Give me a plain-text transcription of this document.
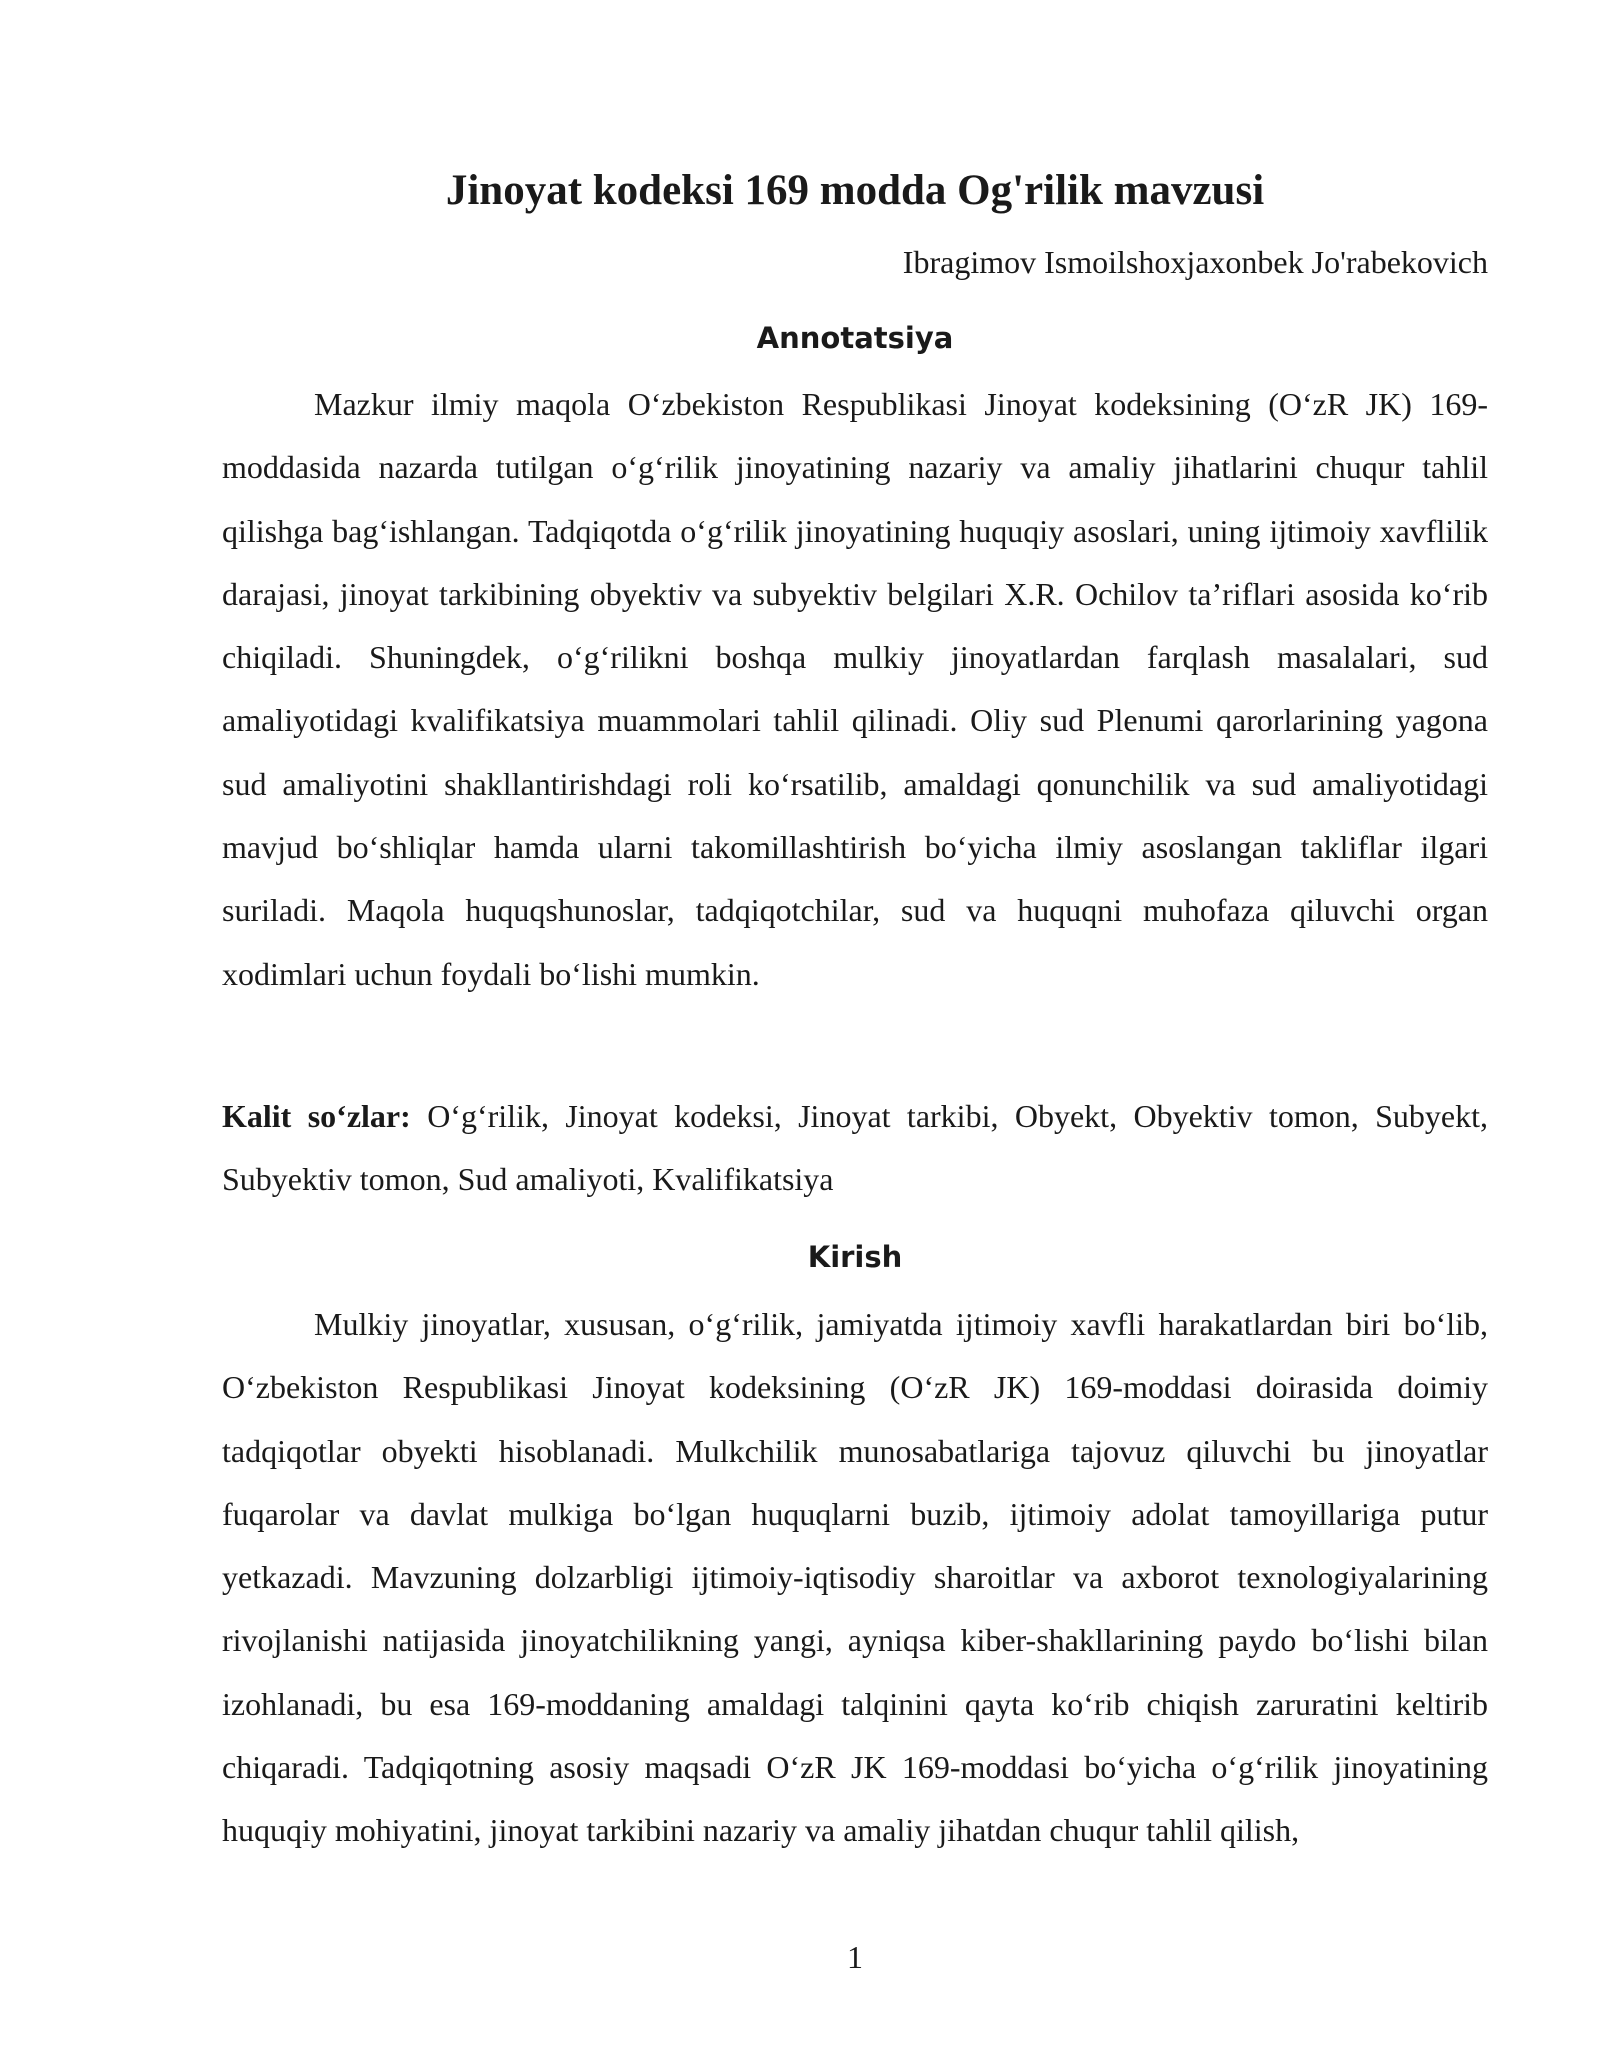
Jinoyat kodeksi 169 modda Og'rilik mavzusi

Ibragimov Ismoilshoxjaxonbek Jo'rabekovich

Annotatsiya

Mazkur ilmiy maqola O‘zbekiston Respublikasi Jinoyat kodeksining (O‘zR JK) 169-moddasida nazarda tutilgan o‘g‘rilik jinoyatining nazariy va amaliy jihatlarini chuqur tahlil qilishga bag‘ishlangan. Tadqiqotda o‘g‘rilik jinoyatining huquqiy asoslari, uning ijtimoiy xavflilik darajasi, jinoyat tarkibining obyektiv va subyektiv belgilari X.R. Ochilov ta’riflari asosida ko‘rib chiqiladi. Shuningdek, o‘g‘rilikni boshqa mulkiy jinoyatlardan farqlash masalalari, sud amaliyotidagi kvalifikatsiya muammolari tahlil qilinadi. Oliy sud Plenumi qarorlarining yagona sud amaliyotini shakllantirishdagi roli ko‘rsatilib, amaldagi qonunchilik va sud amaliyotidagi mavjud bo‘shliqlar hamda ularni takomillashtirish bo‘yicha ilmiy asoslangan takliflar ilgari suriladi. Maqola huquqshunoslar, tadqiqotchilar, sud va huquqni muhofaza qiluvchi organ xodimlari uchun foydali bo‘lishi mumkin.

Kalit so‘zlar: O‘g‘rilik, Jinoyat kodeksi, Jinoyat tarkibi, Obyekt, Obyektiv tomon, Subyekt, Subyektiv tomon, Sud amaliyoti, Kvalifikatsiya

Kirish

Mulkiy jinoyatlar, xususan, o‘g‘rilik, jamiyatda ijtimoiy xavfli harakatlardan biri bo‘lib, O‘zbekiston Respublikasi Jinoyat kodeksining (O‘zR JK) 169-moddasi doirasida doimiy tadqiqotlar obyekti hisoblanadi. Mulkchilik munosabatlariga tajovuz qiluvchi bu jinoyatlar fuqarolar va davlat mulkiga bo‘lgan huquqlarni buzib, ijtimoiy adolat tamoyillariga putur yetkazadi. Mavzuning dolzarbligi ijtimoiy-iqtisodiy sharoitlar va axborot texnologiyalarining rivojlanishi natijasida jinoyatchilikning yangi, ayniqsa kiber-shakllarining paydo bo‘lishi bilan izohlanadi, bu esa 169-moddaning amaldagi talqinini qayta ko‘rib chiqish zaruratini keltirib chiqaradi. Tadqiqotning asosiy maqsadi O‘zR JK 169-moddasi bo‘yicha o‘g‘rilik jinoyatining huquqiy mohiyatini, jinoyat tarkibini nazariy va amaliy jihatdan chuqur tahlil qilish,

1
